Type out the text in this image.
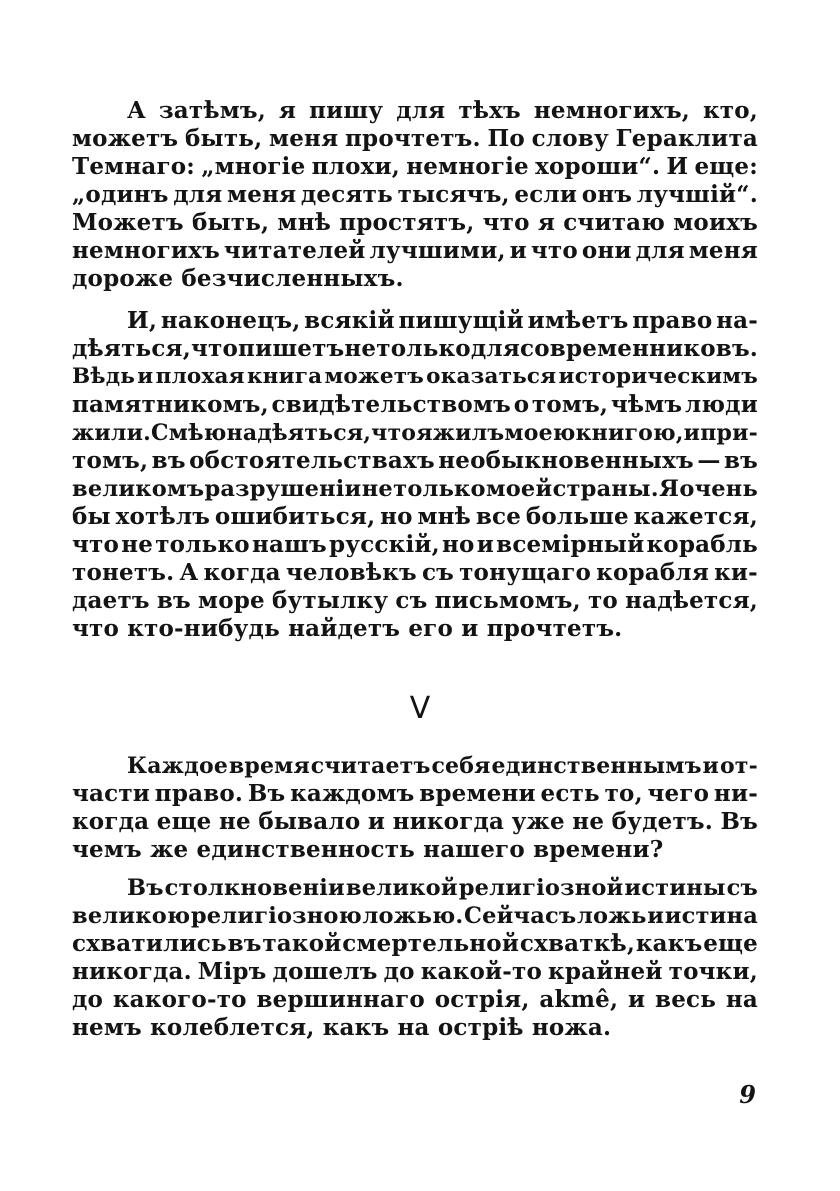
А затѣмъ, я пишу для тѣхъ немногихъ, кто,
можетъ быть, меня прочтетъ. По слову Гераклита
Темнаго: „многіе плохи, немногіе хороши“. И еще:
„одинъ для меня десять тысячъ, если онъ лучшій“.
Можетъ быть, мнѣ простятъ, что я считаю моихъ
немногихъ читателей лучшими, и что они для меня
дороже безчисленныхъ.
И, наконецъ, всякій пишущій имѣетъ право на-
дѣяться, что пишетъ не только для современниковъ.
Вѣдь и плохая книга можетъ оказаться историческимъ
памятникомъ, свидѣтельствомъ о томъ, чѣмъ люди
жили. Смѣю надѣяться, что я жилъ моею книгою, и при-
томъ, въ обстоятельствахъ необыкновенныхъ — въ
великомъ разрушеніи не только моей страны. Я очень
бы хотѣлъ ошибиться, но мнѣ все больше кажется,
что не только нашъ русскій, но и всемірный корабль
тонетъ. А когда человѣкъ съ тонущаго корабля ки-
даетъ въ море бутылку съ письмомъ, то надѣется,
что кто-нибудь найдетъ его и прочтетъ.
V
Каждое время считаетъ себя единственнымъ и от-
части право. Въ каждомъ времени есть то, чего ни-
когда еще не бывало и никогда уже не будетъ. Въ
чемъ же единственность нашего времени?
Въ столкновеніи великой религіозной истины съ
великою религіозною ложью. Сейчасъ ложь и истина
схватились въ такой смертельной схваткѣ, какъ еще
никогда. Міръ дошелъ до какой-то крайней точки,
до какого-то вершиннаго острія, akmê, и весь на
немъ колеблется, какъ на остріѣ ножа.
9
